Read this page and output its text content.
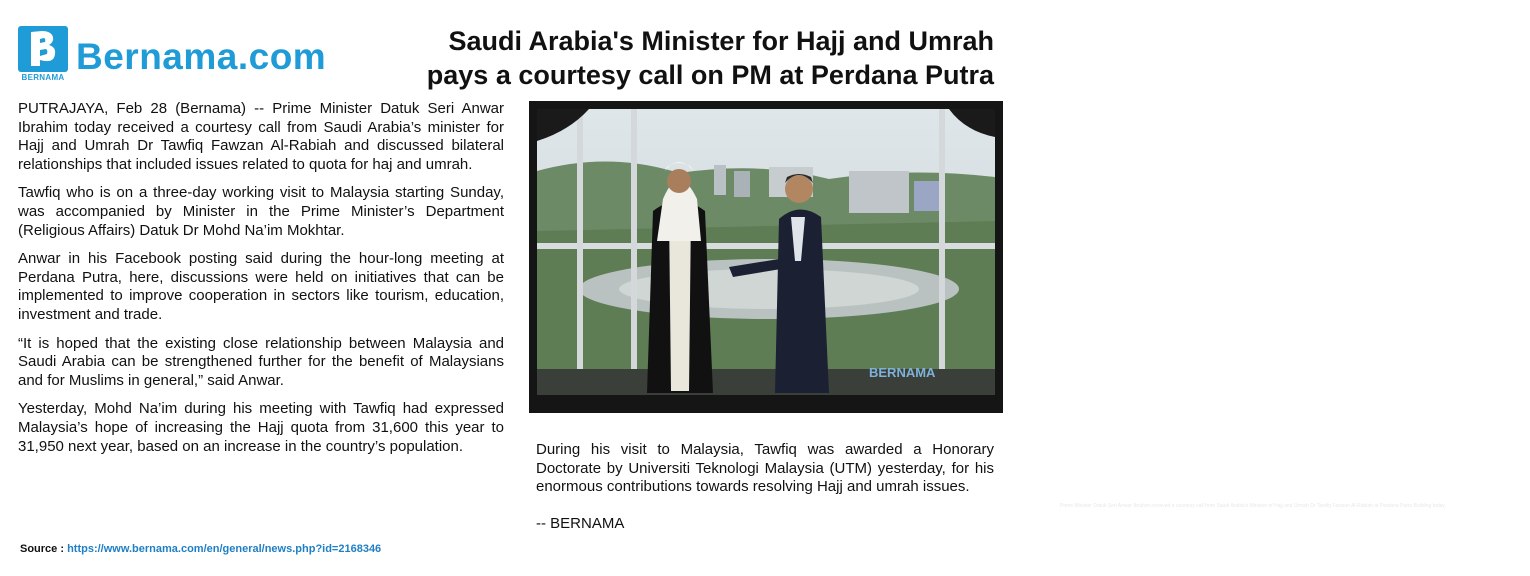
BERNAMA
Bernama.com	Saudi Arabia's Minister for Hajj and Umrah
pays a courtesy call on PM at Perdana Putra

PUTRAJAYA, Feb 28 (Bernama) -- Prime Minister Datuk Seri Anwar Ibrahim today received a courtesy call from Saudi Arabia’s minister for Hajj and Umrah Dr Tawfiq Fawzan Al-Rabiah and discussed bilateral relationships that included issues related to quota for haj and umrah.

Tawfiq who is on a three-day working visit to Malaysia starting Sunday, was accompanied by Minister in the Prime Minister’s Department (Religious Affairs) Datuk Dr Mohd Na’im Mokhtar.

Anwar in his Facebook posting said during the hour-long meeting at Perdana Putra, here, discussions were held on initiatives that can be implemented to improve cooperation in sectors like tourism, education, investment and trade.

“It is hoped that the existing close relationship between Malaysia and Saudi Arabia can be strengthened further for the benefit of Malaysians and for Muslims in general,” said Anwar.

Yesterday, Mohd Na’im during his meeting with Tawfiq had expressed Malaysia’s hope of increasing the Hajj quota from 31,600 this year to 31,950 next year, based on an increase in the country’s population.

BERNAMA
Prime Minister Datuk Seri Anwar Ibrahim received a courtesy call from Saudi Arabia's Minister of Hajj and Umrah Dr Tawfiq Fawzan Al-Rabiah at Perdana Putra Building today.

During his visit to Malaysia, Tawfiq was awarded a Honorary Doctorate by Universiti Teknologi Malaysia (UTM) yesterday, for his enormous contributions towards resolving Hajj and umrah issues.

-- BERNAMA

Source : https://www.bernama.com/en/general/news.php?id=2168346
